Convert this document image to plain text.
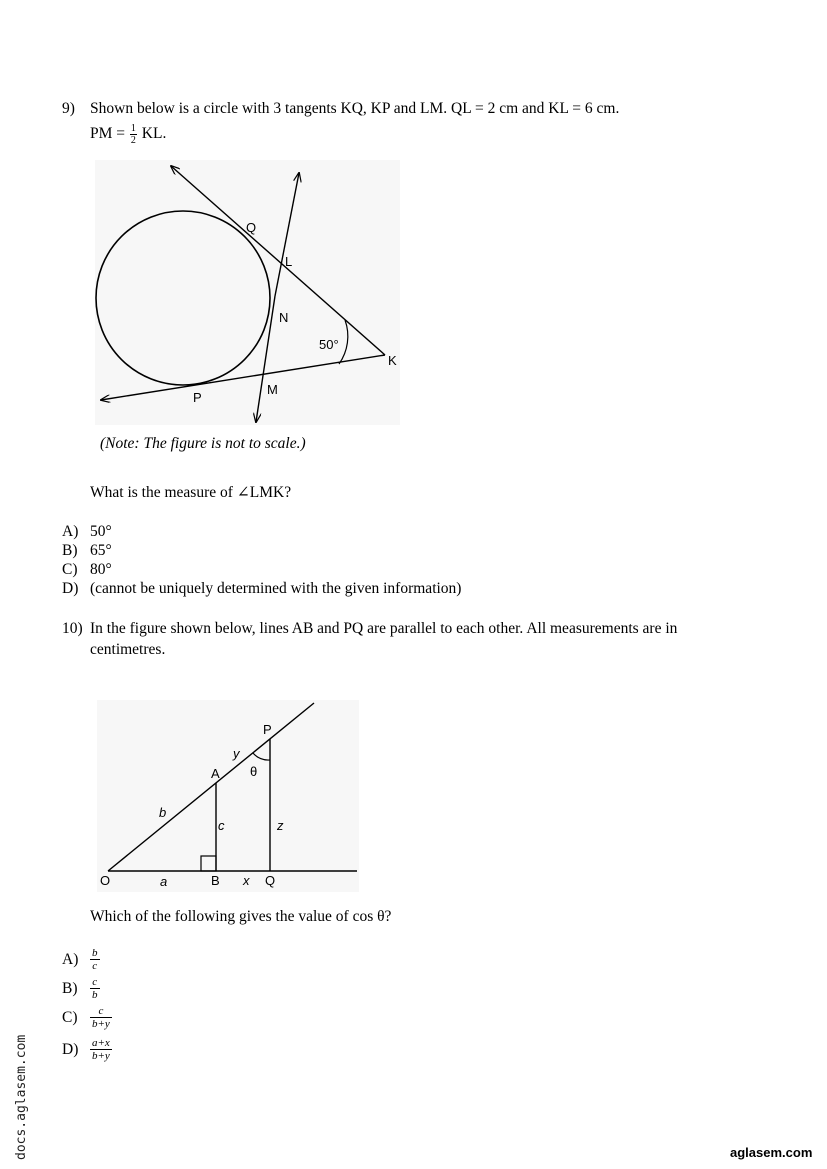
9) Shown below is a circle with 3 tangents KQ, KP and LM. QL = 2 cm and KL = 6 cm.
PM = $\frac{1}{2}$ KL.
Q
L
N
K
M
P
50°
(Note: The figure is not to scale.)
What is the measure of ∠LMK?
A) 50°
B) 65°
C) 80°
D) (cannot be uniquely determined with the given information)
10) In the figure shown below, lines AB and PQ are parallel to each other. All measurements are in
centimetres.
P
A
y
θ
b
c	z
O	a	B x Q
Which of the following gives the value of cos θ?
$A) \frac{b}{c}$
$B) \frac{c}{b}$
$C) \frac{c}{b+y}$
$D) \frac{a+x}{b+y}$
docs.aglasem.com	aglasem.com
